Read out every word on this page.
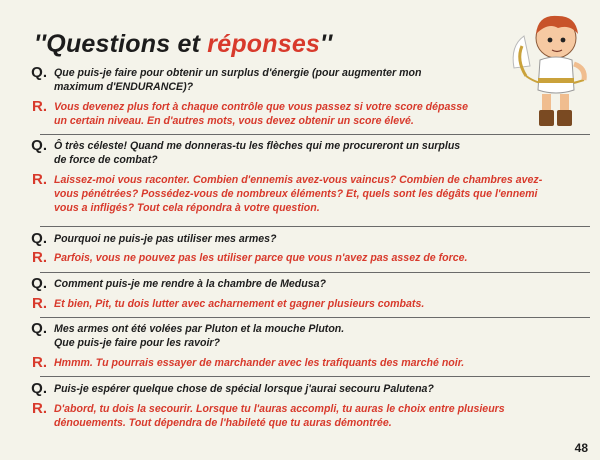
''Questions et réponses''
Q. Que puis-je faire pour obtenir un surplus d'énergie (pour augmenter mon
maximum d'ENDURANCE)?
R. Vous devenez plus fort à chaque contrôle que vous passez si votre score dépasse
un certain niveau. En d'autres mots, vous devez obtenir un score élevé.
Q. Ô très céleste! Quand me donneras-tu les flèches qui me procureront un surplus
de force de combat?
R. Laissez-moi vous raconter. Combien d'ennemis avez-vous vaincus? Combien de chambres avez-
vous pénétrées? Possédez-vous de nombreux éléments? Et, quels sont les dégâts que l'ennemi
vous a infligés? Tout cela répondra à votre question.
Q. Pourquoi ne puis-je pas utiliser mes armes?
R. Parfois, vous ne pouvez pas les utiliser parce que vous n'avez pas assez de force.
Q. Comment puis-je me rendre à la chambre de Medusa?
R. Et bien, Pit, tu dois lutter avec acharnement et gagner plusieurs combats.
Q. Mes armes ont été volées par Pluton et la mouche Pluton.
Que puis-je faire pour les ravoir?
R. Hmmm. Tu pourrais essayer de marchander avec les trafiquants des marché noir.
Q. Puis-je espérer quelque chose de spécial lorsque j'aurai secouru Palutena?
R. D'abord, tu dois la secourir. Lorsque tu l'auras accompli, tu auras le choix entre plusieurs
dénouements. Tout dépendra de l'habileté que tu auras démontrée.
48
